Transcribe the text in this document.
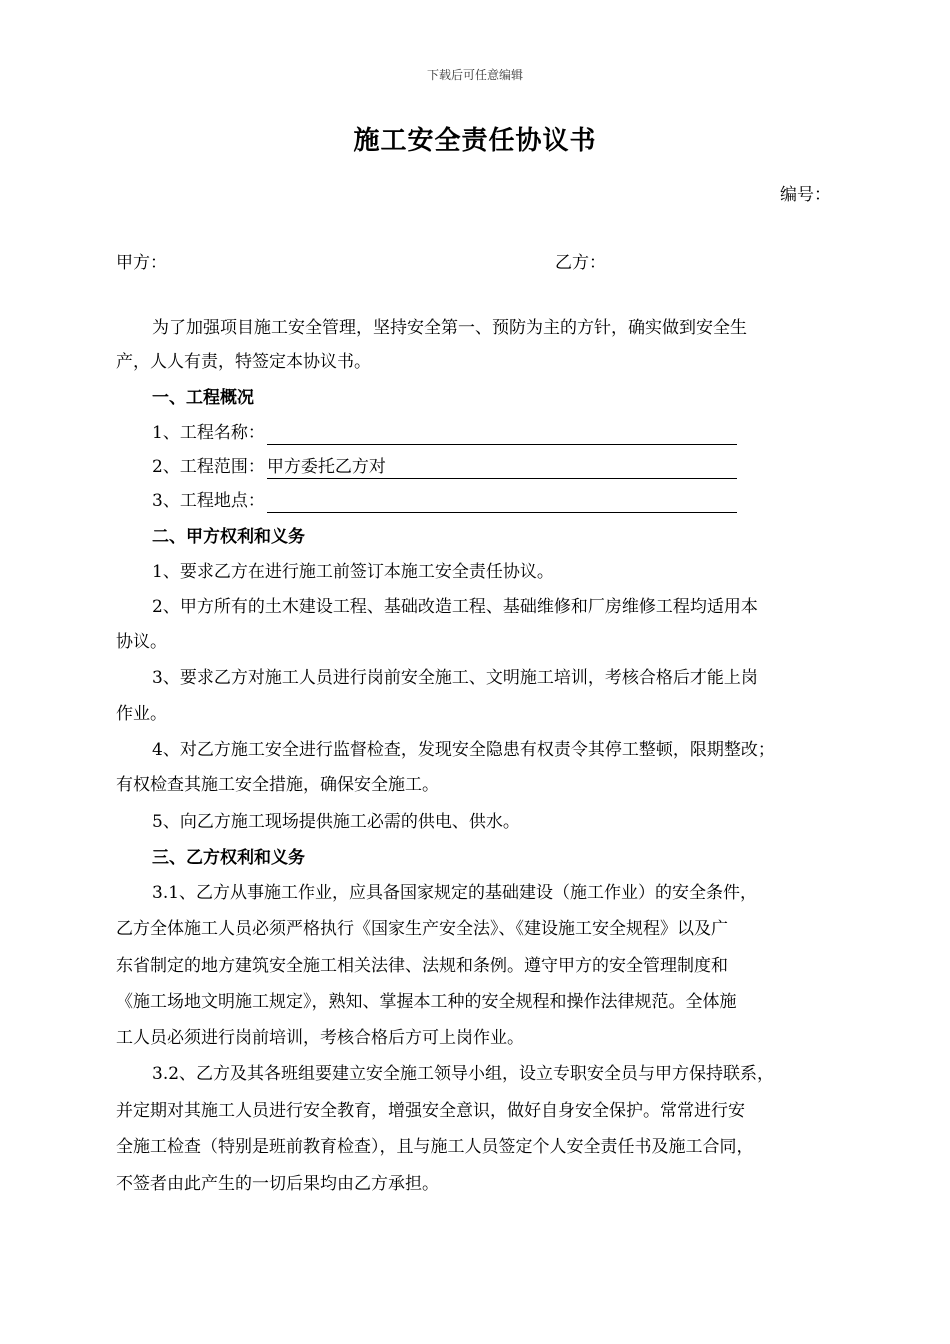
下载后可任意编辑
施工安全责任协议书
编号：
甲方：	乙方：
为了加强项目施工安全管理，坚持安全第一、预防为主的方针，确实做到安全生
产，人人有责，特签定本协议书。
一、工程概况
1、工程名称：
2、工程范围： 甲方委托乙方对
3、工程地点：
二、甲方权利和义务
1、要求乙方在进行施工前签订本施工安全责任协议。
2、甲方所有的土木建设工程、基础改造工程、基础维修和厂房维修工程均适用本
协议。
3、要求乙方对施工人员进行岗前安全施工、文明施工培训，考核合格后才能上岗
作业。
4、对乙方施工安全进行监督检查，发现安全隐患有权责令其停工整顿，限期整改；
有权检查其施工安全措施，确保安全施工。
5、向乙方施工现场提供施工必需的供电、供水。
三、乙方权利和义务
3.1、乙方从事施工作业，应具备国家规定的基础建设（施工作业）的安全条件，
乙方全体施工人员必须严格执行《国家生产安全法》、《建设施工安全规程》以及广
东省制定的地方建筑安全施工相关法律、法规和条例。遵守甲方的安全管理制度和
《施工场地文明施工规定》，熟知、掌握本工种的安全规程和操作法律规范。全体施
工人员必须进行岗前培训，考核合格后方可上岗作业。
3.2、乙方及其各班组要建立安全施工领导小组，设立专职安全员与甲方保持联系，
并定期对其施工人员进行安全教育，增强安全意识，做好自身安全保护。常常进行安
全施工检查（特别是班前教育检查），且与施工人员签定个人安全责任书及施工合同，
不签者由此产生的一切后果均由乙方承担。
